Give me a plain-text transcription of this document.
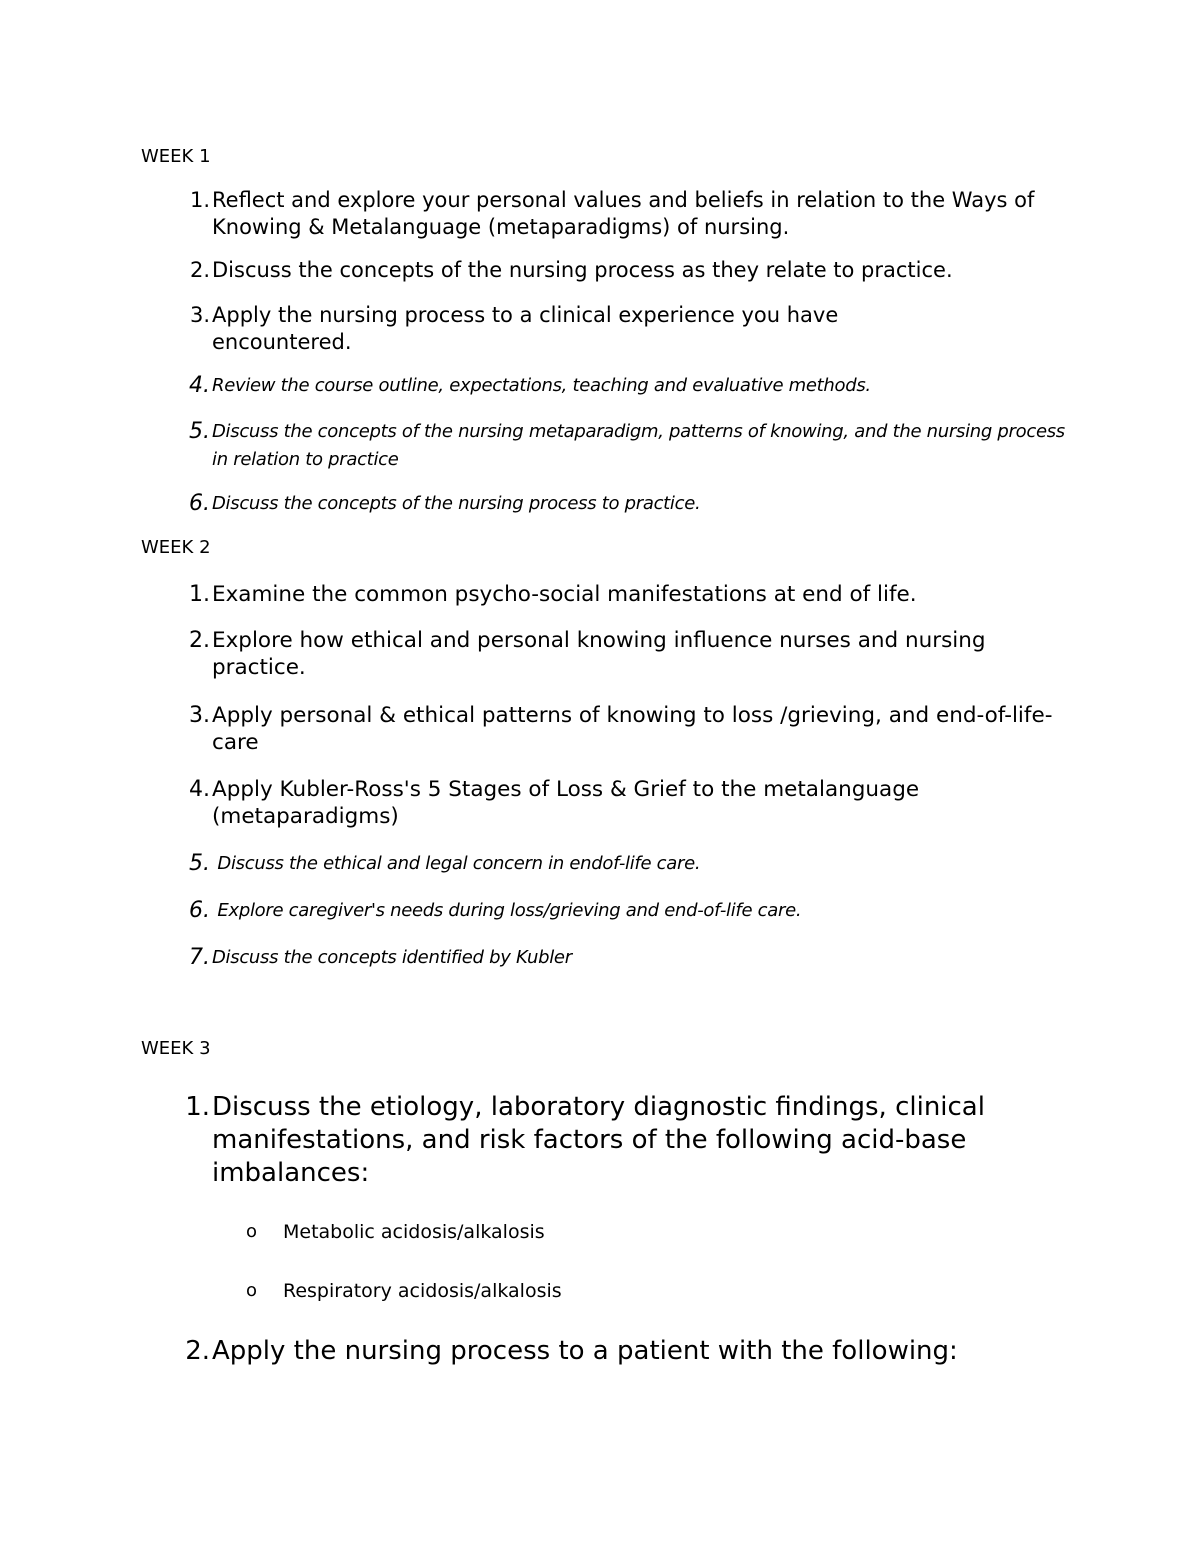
WEEK 1
1. Reflect and explore your personal values and beliefs in relation to the Ways of Knowing & Metalanguage (metaparadigms) of nursing.
2. Discuss the concepts of the nursing process as they relate to practice.
3. Apply the nursing process to a clinical experience you have encountered.
4. Review the course outline, expectations, teaching and evaluative methods.
5. Discuss the concepts of the nursing metaparadigm, patterns of knowing, and the nursing process in relation to practice
6. Discuss the concepts of the nursing process to practice.
WEEK 2
1. Examine the common psycho-social manifestations at end of life.
2. Explore how ethical and personal knowing influence nurses and nursing practice.
3. Apply personal & ethical patterns of knowing to loss /grieving, and end-of-life-care
4. Apply Kubler-Ross's 5 Stages of Loss & Grief to the metalanguage (metaparadigms)
5. Discuss the ethical and legal concern in endof-life care.
6. Explore caregiver's needs during loss/grieving and end-of-life care.
7. Discuss the concepts identified by Kubler
WEEK 3
1. Discuss the etiology, laboratory diagnostic findings, clinical manifestations, and risk factors of the following acid-base imbalances:
o Metabolic acidosis/alkalosis
o Respiratory acidosis/alkalosis
2. Apply the nursing process to a patient with the following:
